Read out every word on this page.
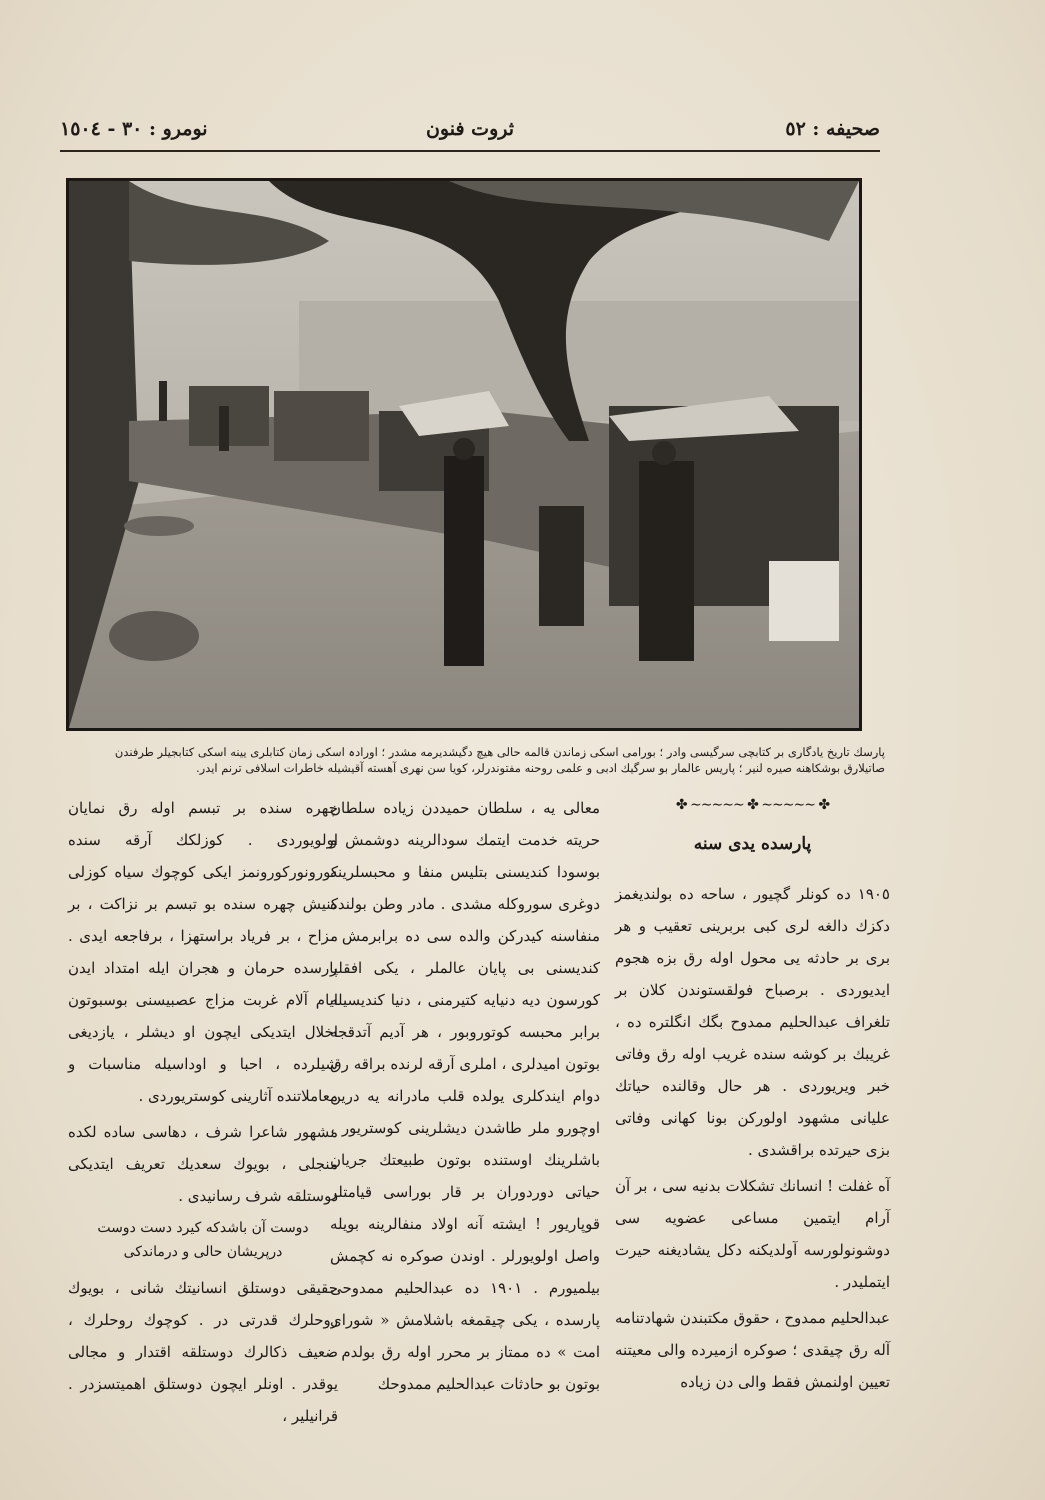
صحیفه : ٥٢
ثروت فنون
نومرو : ٣٠ - ١٥٠٤
پارسك تاريخ يادگارى بر كتابچى سرگيسى وادر ؛ بورامى اسكى زماندن قالمه حالى هيچ دگيشديرمه مشدر ؛ اورادہ اسكى زمان كتابلرى يينه اسكى كتابجيلر طرفندن صاتيلارق بوشكاهنه صيره لنير ؛ پاريس عالمار بو سرگيك ادبى و علمى روحنه مفتوندرلر، كويا سن نهرى آهسته آقيشيله خاطرات اسلافى ترنم ايدر.
✤ ∽∽∽∽∽ ✤ ∽∽∽∽∽ ✤
پارسده يدى سنه

١٩٠٥ ده كونلر گچيور ، ساحه ده بولنديغمز دكزك دالغه لرى كبى بربرينى تعقيب و هر برى بر حادثه يى محول اوله رق بزه هجوم ايديوردى . برصباح فولقستوندن كلان بر تلغراف عبدالحليم ممدوح بگك انگلتره ده ، غريبك بر كوشه سنده غريب اوله رق وفاتى خبر ويريوردى . هر حال وقالنده حياتك عليانى مشهود اولوركن بونا كهانى وفاتى بزى حيرتده براقشدى .

آه غفلت ! انسانك تشكلات بدنيه سى ، بر آن آرام ايتمين مساعى عضويه سى دوشونولورسه آولديكنه دكل يشاديغنه حيرت ايتمليدر .

عبدالحليم ممدوح ، حقوق مكتبندن شهادتنامه آله رق چيقدى ؛ صوكره ازميرده والى معيتنه تعيين اولنمش فقط والى دن زياده

معالى يه ، سلطان حميددن زياده سلطان حريته خدمت ايتمك سودالرينه دوشمش و بوسودا كنديسنى بتليس منفا و محبسلرينه دوغرى سوروكله مشدى . مادر وطن بولنده منفاسنه كيدركن والده سى ده برابرمش ، كنديسنى بى پايان عالملر ، يكى افقلر كورسون ديه دنيايه كتيرمنى ، دنيا كنديسيله برابر محبسه كوتوروبور ، هر آديم آتدقجه بوتون اميدلرى ، املرى آرقه لرنده براقه رق دوام ايندكلرى يولده قلب مادرانه يه درين اوچورو ملر طاشدن ديشلرينى كوستريور ، باشلرينك اوستنده بوتون طبيعتك جريان حياتى دوردوران بر قار بوراسى قيامتلر قوپاريور ! ايشته آنه اولاد منفالرينه بويله واصل اولويورلر . اوندن صوكره نه كچمش بيلميورم . ١٩٠١ ده عبدالحليم ممدوحى پارسده ، يكى چيقمغه باشلامش « شوراى امت » ده ممتاز بر محرر اوله رق بولدم . بوتون بو حادثات عبدالحليم ممدوحك

چهره سنده بر تبسم اوله رق نمايان اولويوردى . كوزلكك آرقه سنده كورونوركورونمز ايكى كوچوك سياه كوزلى كنيش چهره سنده بو تبسم بر نزاكت ، بر مزاح ، بر فرياد براستهزا ، برفاجعه ايدى . پارسده حرمان و هجران ايله امتداد ايدن ايام آلام غربت مزاج عصبيسنى بوسبوتون اخلال ايتديكى ايچون او ديشلر ، يازديغى شيلرده ، احبا و اوداسيله مناسبات و معاملاتنده آثارينى كوستريوردى .

مشهور شاعرا شرف ، دهاسى ساده لكده منجلى ، بويوك سعديك تعريف ايتديكى دوستلقه شرف رسانيدى .

دوست آن باشدكه كيرد دست دوست
درپريشان حالى و درماندكى

حقيقى دوستلق انسانيتك شانى ، بويوك روحلرك قدرتى در . كوچوك روحلرك ، ضعيف ذكالرك دوستلقه اقتدار و مجالى يوقدر . اونلر ايچون دوستلق اهميتسزدر . قرانيلير ،
